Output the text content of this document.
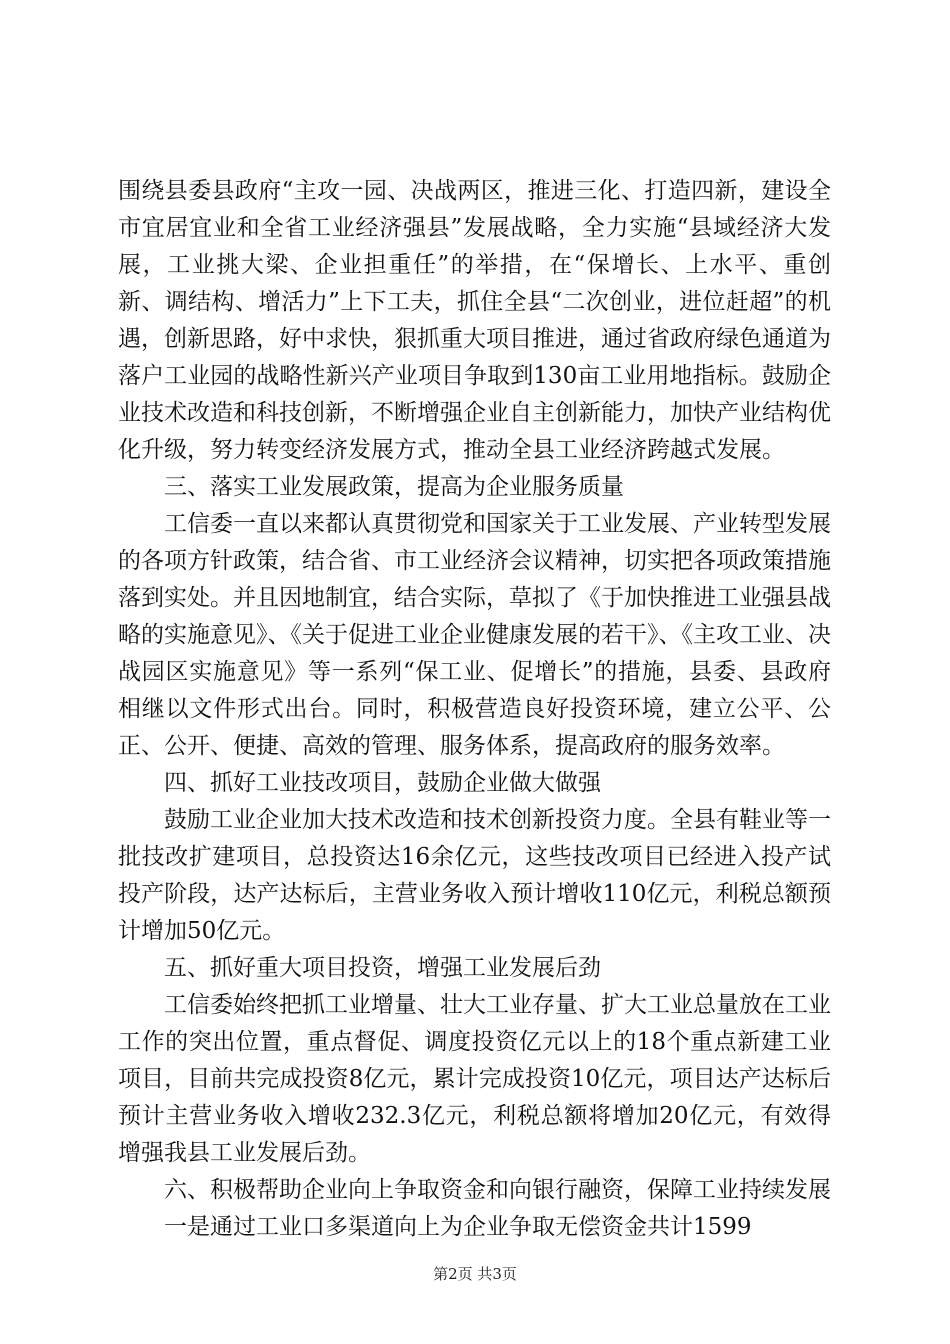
围绕县委县政府“主攻一园、决战两区，推进三化、打造四新，建设全市宜居宜业和全省工业经济强县”发展战略，全力实施“县域经济大发展，工业挑大梁、企业担重任”的举措，在“保增长、上水平、重创新、调结构、增活力”上下工夫，抓住全县“二次创业，进位赶超”的机遇，创新思路，好中求快，狠抓重大项目推进，通过省政府绿色通道为落户工业园的战略性新兴产业项目争取到130亩工业用地指标。鼓励企业技术改造和科技创新，不断增强企业自主创新能力，加快产业结构优化升级，努力转变经济发展方式，推动全县工业经济跨越式发展。

三、落实工业发展政策，提高为企业服务质量

工信委一直以来都认真贯彻党和国家关于工业发展、产业转型发展的各项方针政策，结合省、市工业经济会议精神，切实把各项政策措施落到实处。并且因地制宜，结合实际，草拟了《于加快推进工业强县战略的实施意见》、《关于促进工业企业健康发展的若干》、《主攻工业、决战园区实施意见》等一系列“保工业、促增长”的措施，县委、县政府相继以文件形式出台。同时，积极营造良好投资环境，建立公平、公正、公开、便捷、高效的管理、服务体系，提高政府的服务效率。

四、抓好工业技改项目，鼓励企业做大做强

鼓励工业企业加大技术改造和技术创新投资力度。全县有鞋业等一批技改扩建项目，总投资达16余亿元，这些技改项目已经进入投产试投产阶段，达产达标后，主营业务收入预计增收110亿元，利税总额预计增加50亿元。

五、抓好重大项目投资，增强工业发展后劲

工信委始终把抓工业增量、壮大工业存量、扩大工业总量放在工业工作的突出位置，重点督促、调度投资亿元以上的18个重点新建工业项目，目前共完成投资8亿元，累计完成投资10亿元，项目达产达标后预计主营业务收入增收232.3亿元，利税总额将增加20亿元，有效得增强我县工业发展后劲。

六、积极帮助企业向上争取资金和向银行融资，保障工业持续发展

一是通过工业口多渠道向上为企业争取无偿资金共计1599

第2页 共3页
